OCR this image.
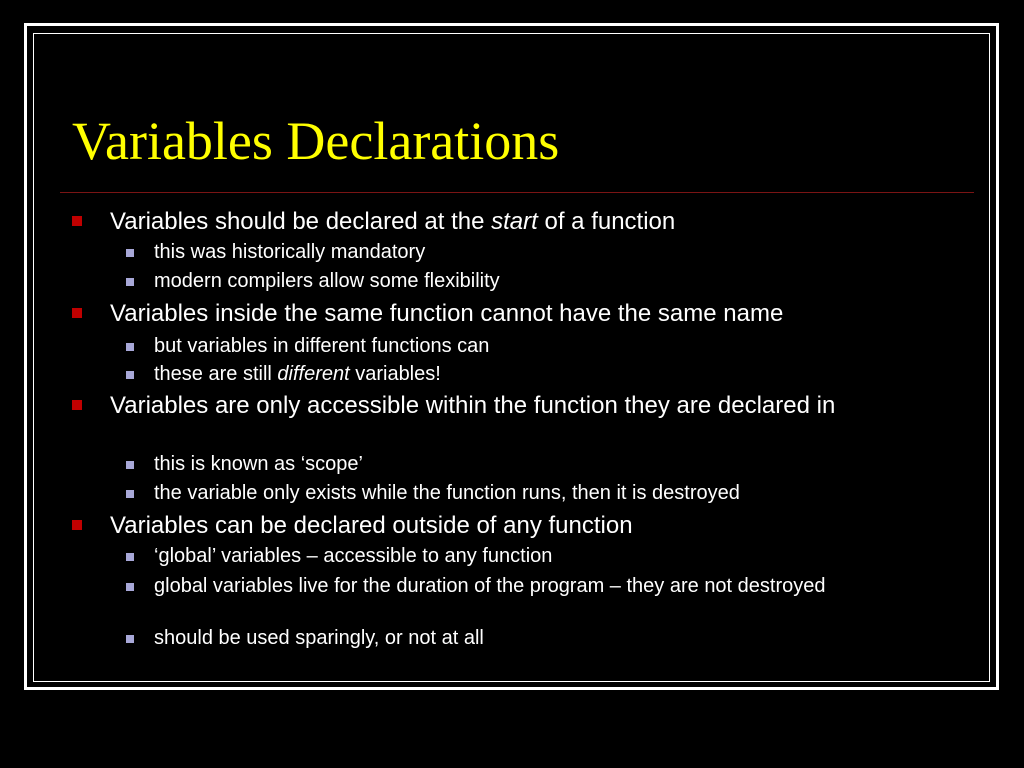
Variables Declarations
Variables should be declared at the start of a function
this was historically mandatory
modern compilers allow some flexibility
Variables inside the same function cannot have the same name
but variables in different functions can
these are still different variables!
Variables are only accessible within the function they are declared in
this is known as ‘scope’
the variable only exists while the function runs, then it is destroyed
Variables can be declared outside of any function
‘global’ variables – accessible to any function
global variables live for the duration of the program – they are not destroyed
should be used sparingly, or not at all
